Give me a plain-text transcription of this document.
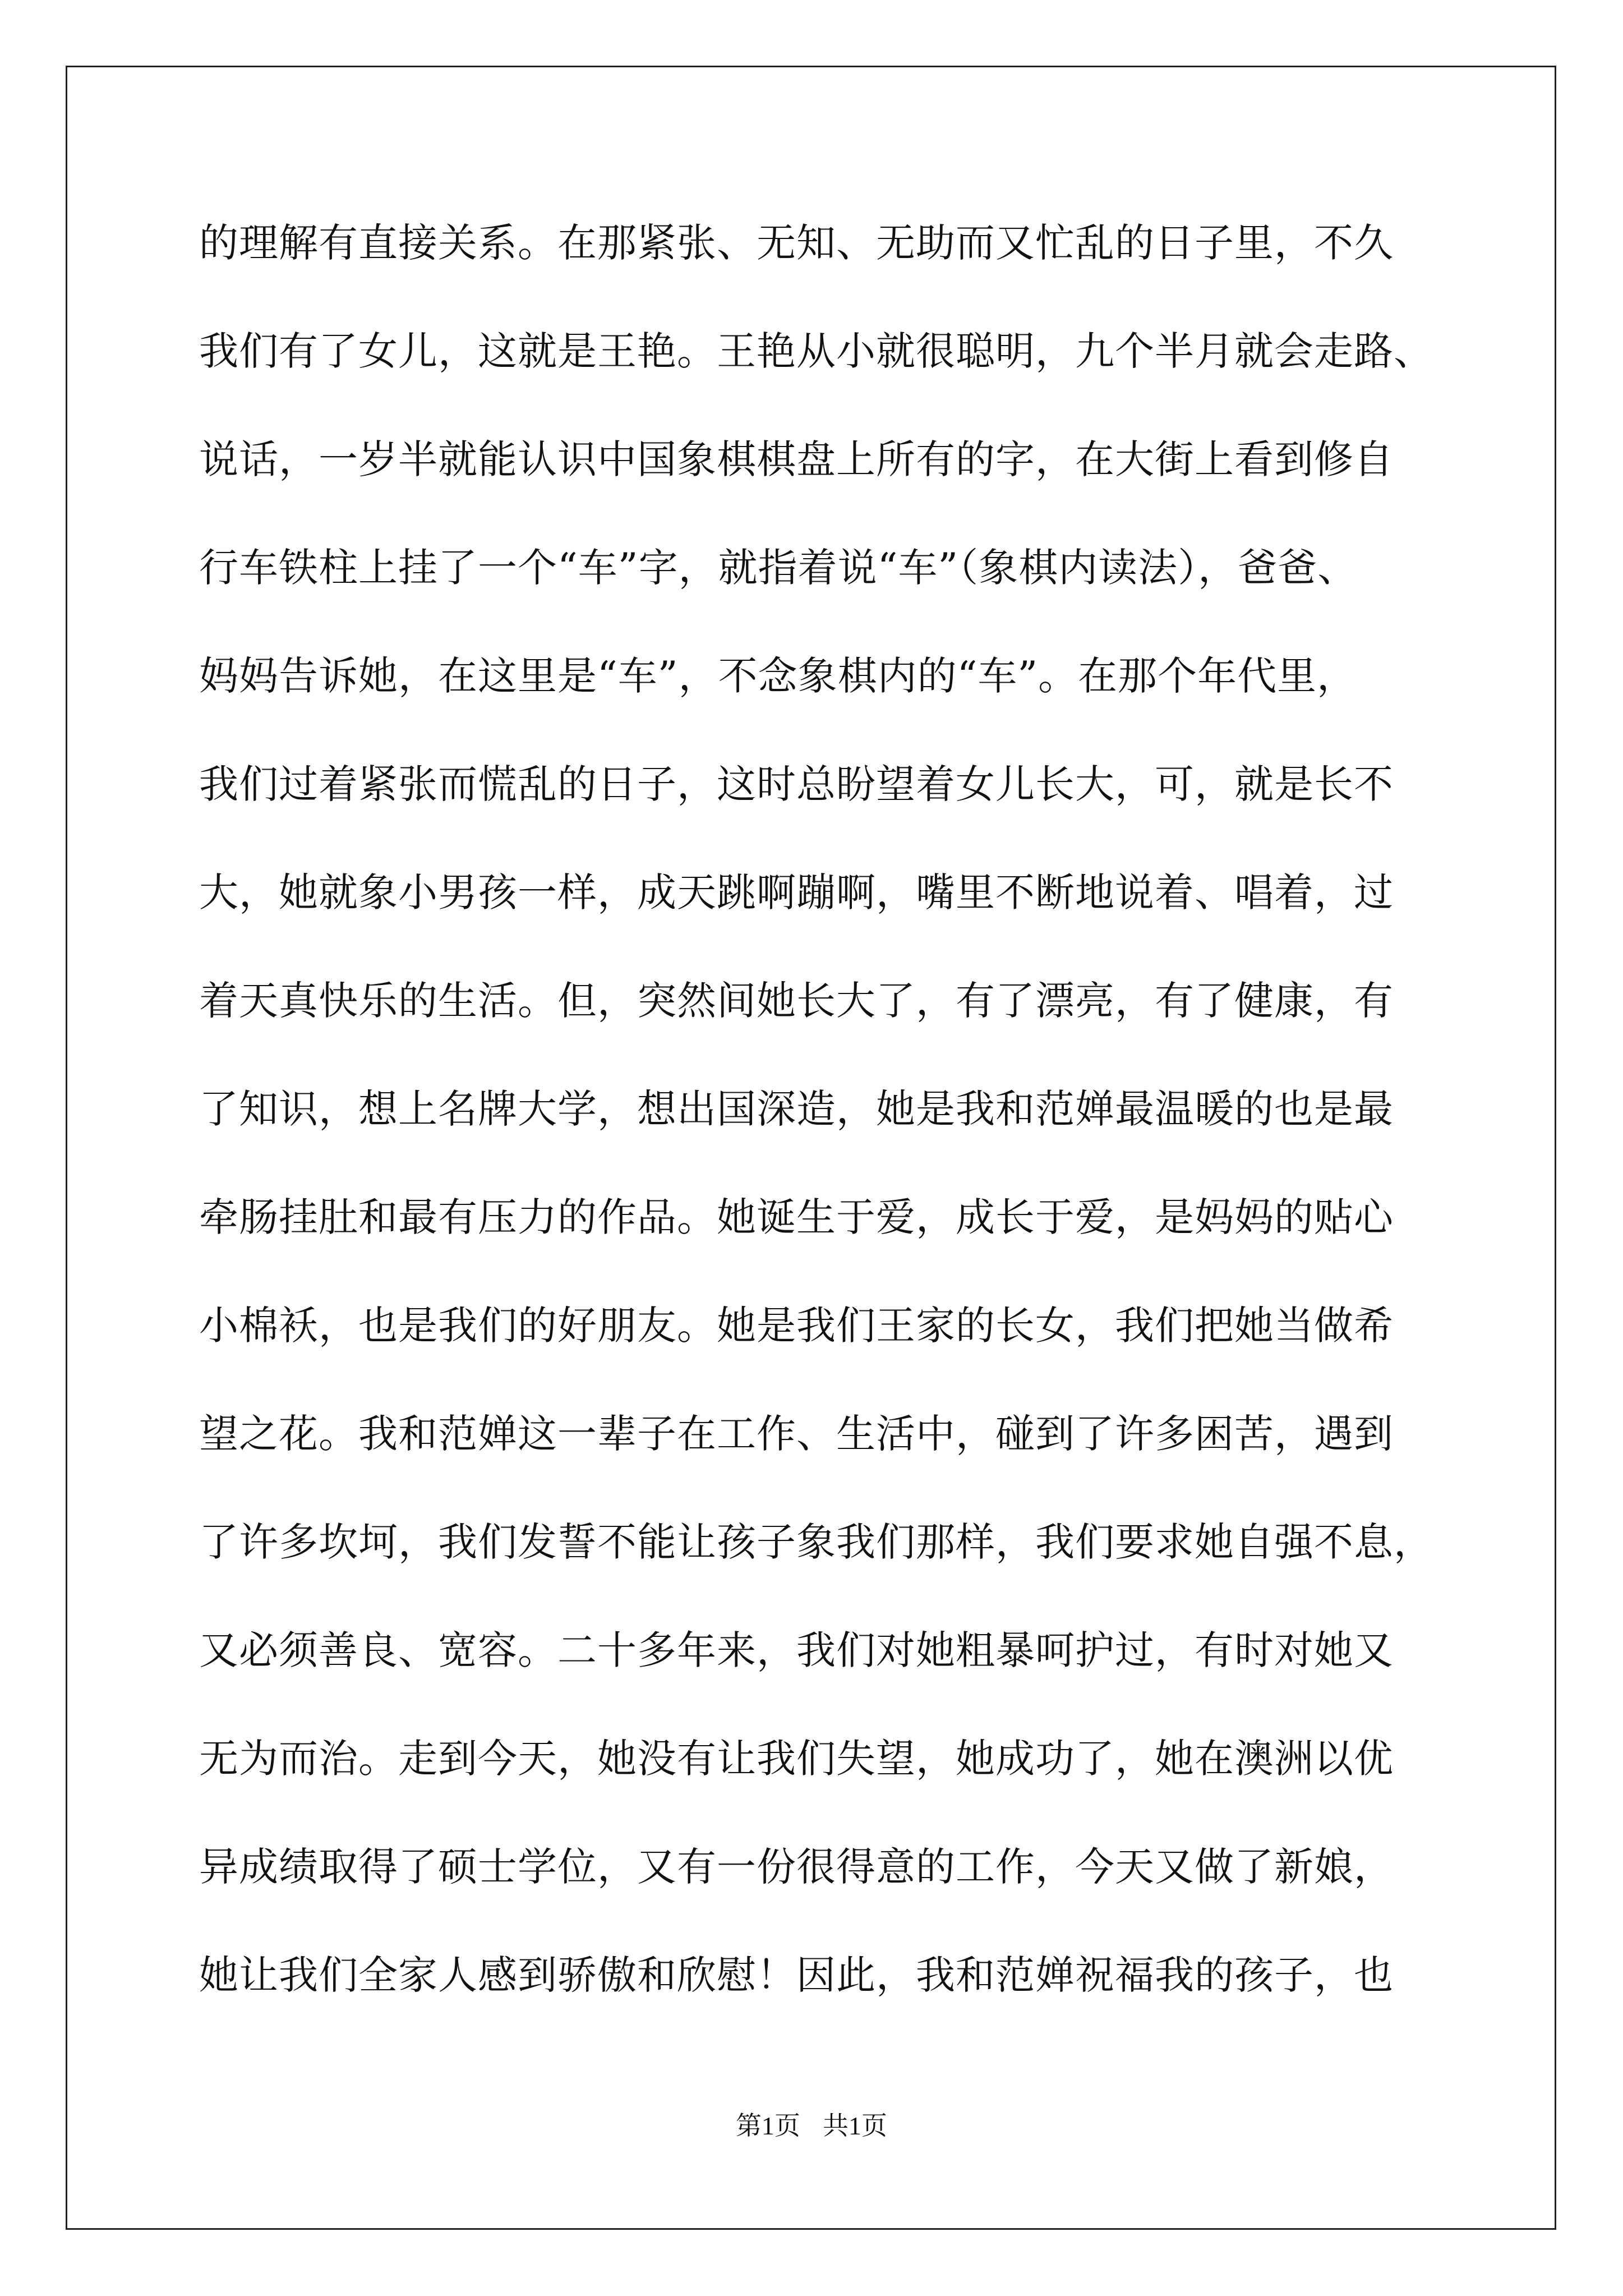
的理解有直接关系。在那紧张、无知、无助而又忙乱的日子里，不久
我们有了女儿，这就是王艳。王艳从小就很聪明，九个半月就会走路、
说话，一岁半就能认识中国象棋棋盘上所有的字，在大街上看到修自
行车铁柱上挂了一个“车”字，就指着说“车”（象棋内读法），爸爸、
妈妈告诉她，在这里是“车”，不念象棋内的“车”。在那个年代里，
我们过着紧张而慌乱的日子，这时总盼望着女儿长大，可，就是长不
大，她就象小男孩一样，成天跳啊蹦啊，嘴里不断地说着、唱着，过
着天真快乐的生活。但，突然间她长大了，有了漂亮，有了健康，有
了知识，想上名牌大学，想出国深造，她是我和范婵最温暖的也是最
牵肠挂肚和最有压力的作品。她诞生于爱，成长于爱，是妈妈的贴心
小棉袄，也是我们的好朋友。她是我们王家的长女，我们把她当做希
望之花。我和范婵这一辈子在工作、生活中，碰到了许多困苦，遇到
了许多坎坷，我们发誓不能让孩子象我们那样，我们要求她自强不息，
又必须善良、宽容。二十多年来，我们对她粗暴呵护过，有时对她又
无为而治。走到今天，她没有让我们失望，她成功了，她在澳洲以优
异成绩取得了硕士学位，又有一份很得意的工作，今天又做了新娘，
她让我们全家人感到骄傲和欣慰！因此，我和范婵祝福我的孩子，也
第1页 共1页
